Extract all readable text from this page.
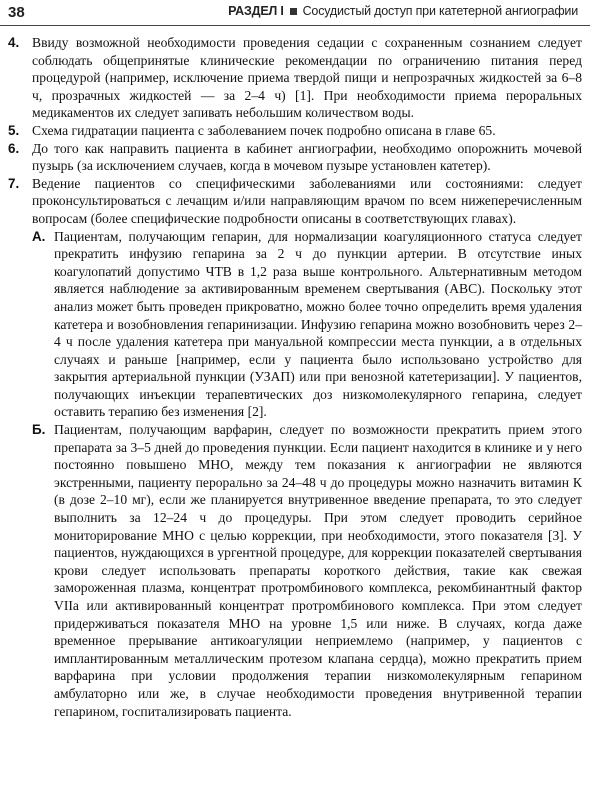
38	РАЗДЕЛ I Сосудистый доступ при катетерной ангиографии
4. Ввиду возможной необходимости проведения седации с сохраненным сознанием следует соблюдать общепринятые клинические рекомендации по ограничению питания перед процедурой (например, исключение приема твердой пищи и непрозрачных жидкостей за 6–8 ч, прозрачных жидкостей — за 2–4 ч) [1]. При необходимости приема пероральных медикаментов их следует запивать небольшим количеством воды.

5. Схема гидратации пациента с заболеванием почек подробно описана в главе 65.

6. До того как направить пациента в кабинет ангиографии, необходимо опорожнить мочевой пузырь (за исключением случаев, когда в мочевом пузыре установлен катетер).

7. Ведение пациентов со специфическими заболеваниями или состояниями: следует проконсультироваться с лечащим и/или направляющим врачом по всем нижеперечисленным вопросам (более специфические подробности описаны в соответствующих главах).

А. Пациентам, получающим гепарин, для нормализации коагуляционного статуса следует прекратить инфузию гепарина за 2 ч до пункции артерии. В отсутствие иных коагулопатий допустимо ЧТВ в 1,2 раза выше контрольного. Альтернативным методом является наблюдение за активированным временем свертывания (АВС). Поскольку этот анализ может быть проведен прикроватно, можно более точно определить время удаления катетера и возобновления гепаринизации. Инфузию гепарина можно возобновить через 2–4 ч после удаления катетера при мануальной компрессии места пункции, а в отдельных случаях и раньше [например, если у пациента было использовано устройство для закрытия артериальной пункции (УЗАП) или при венозной катетеризации]. У пациентов, получающих инъекции терапевтических доз низкомолекулярного гепарина, следует оставить терапию без изменения [2].

Б. Пациентам, получающим варфарин, следует по возможности прекратить прием этого препарата за 3–5 дней до проведения пункции. Если пациент находится в клинике и у него постоянно повышено МНО, между тем показания к ангиографии не являются экстренными, пациенту перорально за 24–48 ч до процедуры можно назначить витамин К (в дозе 2–10 мг), если же планируется внутривенное введение препарата, то это следует выполнить за 12–24 ч до процедуры. При этом следует проводить серийное мониторирование МНО с целью коррекции, при необходимости, этого показателя [3]. У пациентов, нуждающихся в ургентной процедуре, для коррекции показателей свертывания крови следует использовать препараты короткого действия, такие как свежая замороженная плазма, концентрат протромбинового комплекса, рекомбинантный фактор VIIa или активированный концентрат протромбинового комплекса. При этом следует придерживаться показателя МНО на уровне 1,5 или ниже. В случаях, когда даже временное прерывание антикоагуляции неприемлемо (например, у пациентов с имплантированным металлическим протезом клапана сердца), можно прекратить прием варфарина при условии продолжения терапии низкомолекулярным гепарином амбулаторно или же, в случае необходимости проведения внутривенной терапии гепарином, госпитализировать пациента.
